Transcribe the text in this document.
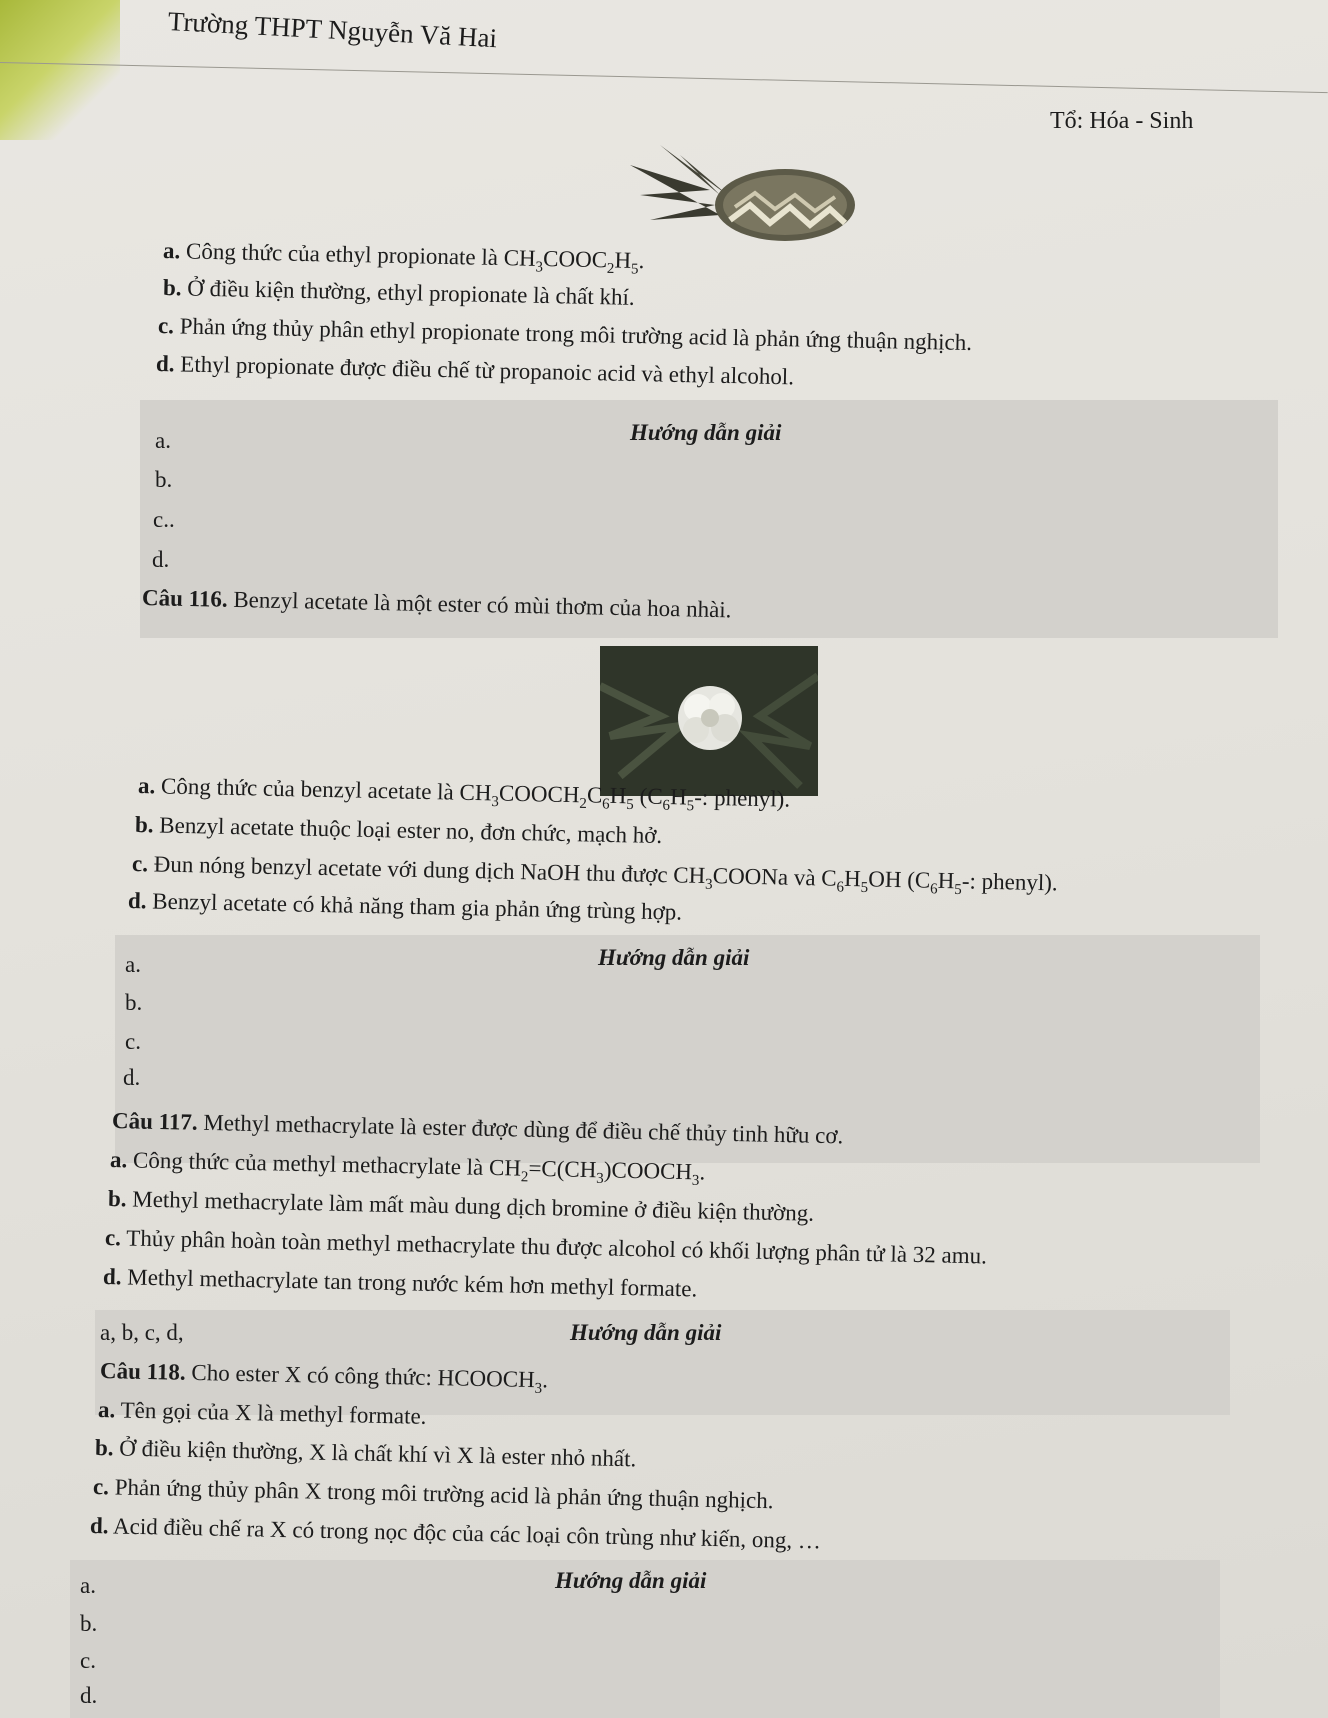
Trường THPT Nguyễn Vă Hai
Tổ: Hóa - Sinh
a. Công thức của ethyl propionate là $CH_3COOC_2H_5$.
b. Ở điều kiện thường, ethyl propionate là chất khí.
c. Phản ứng thủy phân ethyl propionate trong môi trường acid là phản ứng thuận nghịch.
d. Ethyl propionate được điều chế từ propanoic acid và ethyl alcohol.
Hướng dẫn giải
a.
b.
c..
d.
Câu 116. Benzyl acetate là một ester có mùi thơm của hoa nhài.
a. Công thức của benzyl acetate là $CH_3COOCH_2C_6H_5$ ($C_6H_5-$: phenyl).
b. Benzyl acetate thuộc loại ester no, đơn chức, mạch hở.
c. Đun nóng benzyl acetate với dung dịch NaOH thu được $CH_3COONa$ và $C_6H_5OH$ ($C_6H_5-$: phenyl).
d. Benzyl acetate có khả năng tham gia phản ứng trùng hợp.
Hướng dẫn giải
a.
b.
c.
d.
Câu 117. Methyl methacrylate là ester được dùng để điều chế thủy tinh hữu cơ.
a. Công thức của methyl methacrylate là $CH_2=C(CH_3)COOCH_3$.
b. Methyl methacrylate làm mất màu dung dịch bromine ở điều kiện thường.
c. Thủy phân hoàn toàn methyl methacrylate thu được alcohol có khối lượng phân tử là 32 amu.
d. Methyl methacrylate tan trong nước kém hơn methyl formate.
a, b, c, d,	Hướng dẫn giải
Câu 118. Cho ester X có công thức: $HCOOCH_3$.
a. Tên gọi của X là methyl formate.
b. Ở điều kiện thường, X là chất khí vì X là ester nhỏ nhất.
c. Phản ứng thủy phân X trong môi trường acid là phản ứng thuận nghịch.
d. Acid điều chế ra X có trong nọc độc của các loại côn trùng như kiến, ong, …
Hướng dẫn giải
a.
b.
c.
d.
